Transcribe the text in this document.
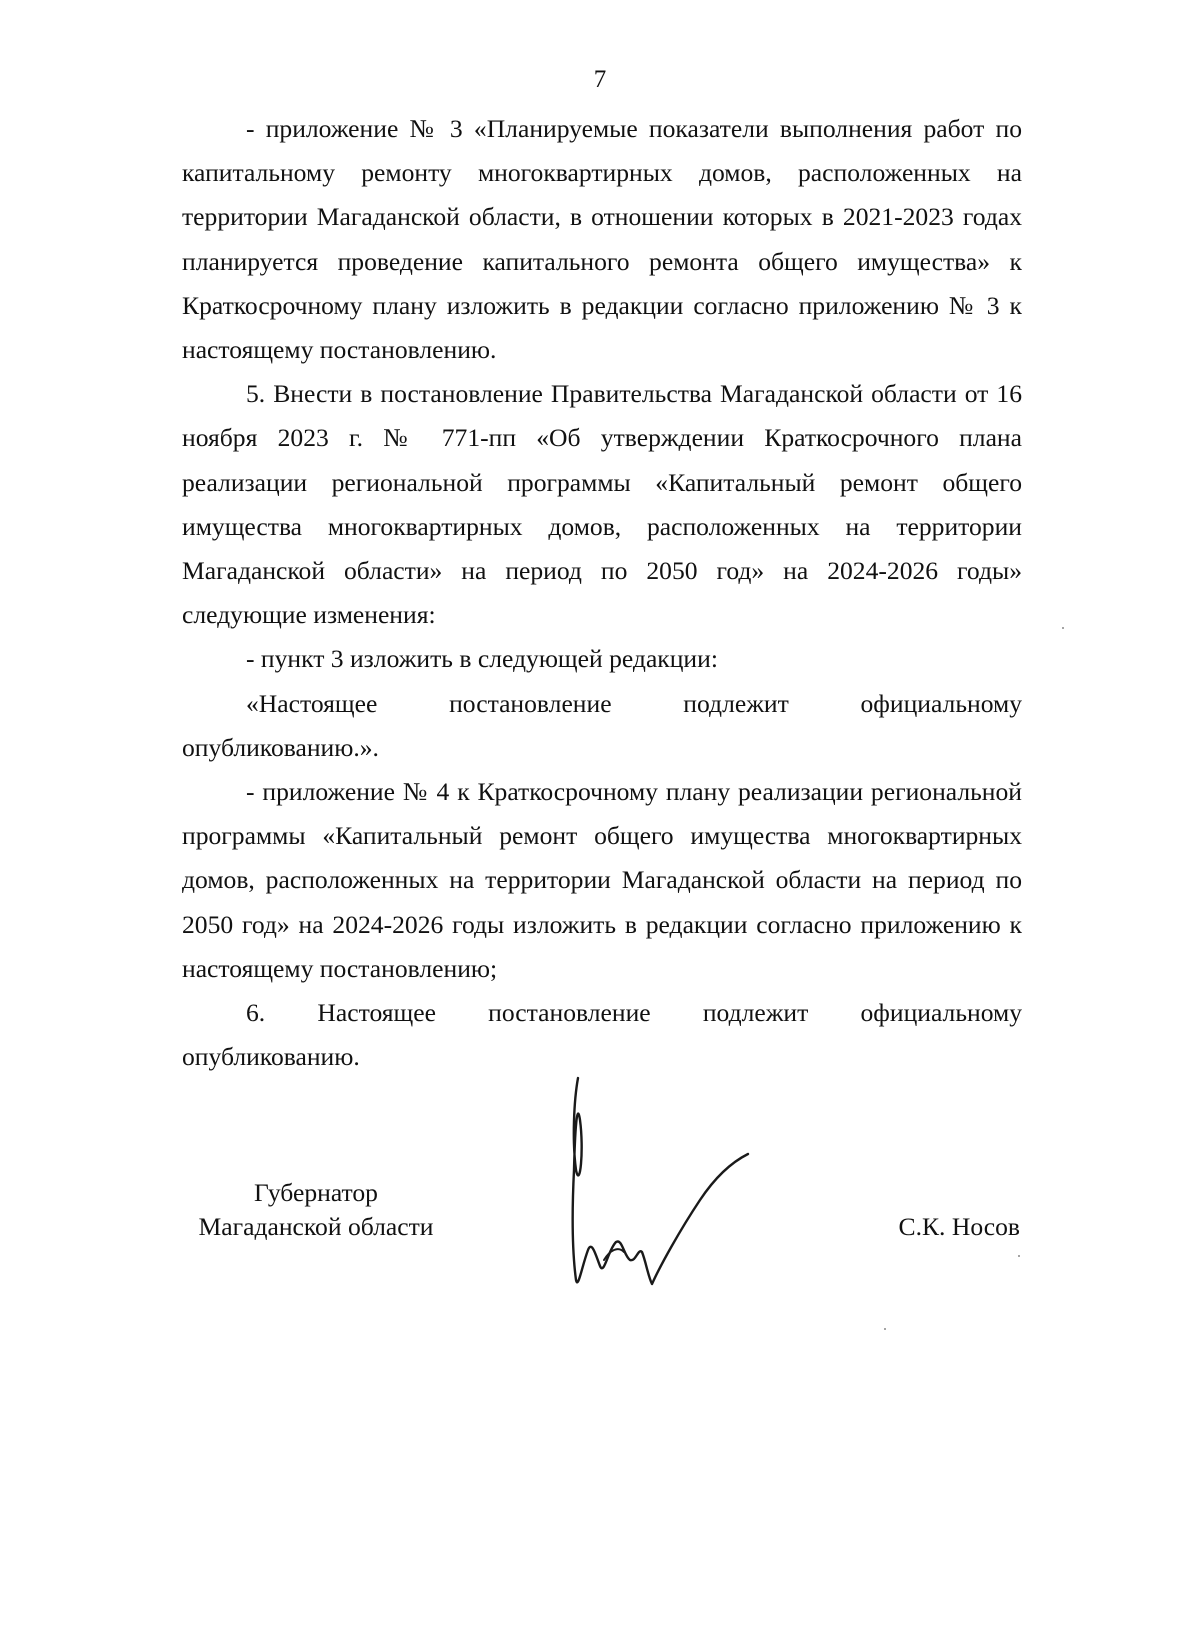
7

- приложение № 3 «Планируемые показатели выполнения работ по капитальному ремонту многоквартирных домов, расположенных на территории Магаданской области, в отношении которых в 2021-2023 годах планируется проведение капитального ремонта общего имущества» к Краткосрочному плану изложить в редакции согласно приложению № 3 к настоящему постановлению.

5. Внести в постановление Правительства Магаданской области от 16 ноября 2023 г. № 771-пп «Об утверждении Краткосрочного плана реализации региональной программы «Капитальный ремонт общего имущества многоквартирных домов, расположенных на территории Магаданской области» на период по 2050 год» на 2024-2026 годы» следующие изменения:

- пункт 3 изложить в следующей редакции:

«Настоящее постановление подлежит официальному опубликованию.».

- приложение № 4 к Краткосрочному плану реализации региональной программы «Капитальный ремонт общего имущества многоквартирных домов, расположенных на территории Магаданской области на период по 2050 год» на 2024-2026 годы изложить в редакции согласно приложению к настоящему постановлению;

6. Настоящее постановление подлежит официальному опубликованию.

Губернатор
Магаданской области	С.К. Носов
